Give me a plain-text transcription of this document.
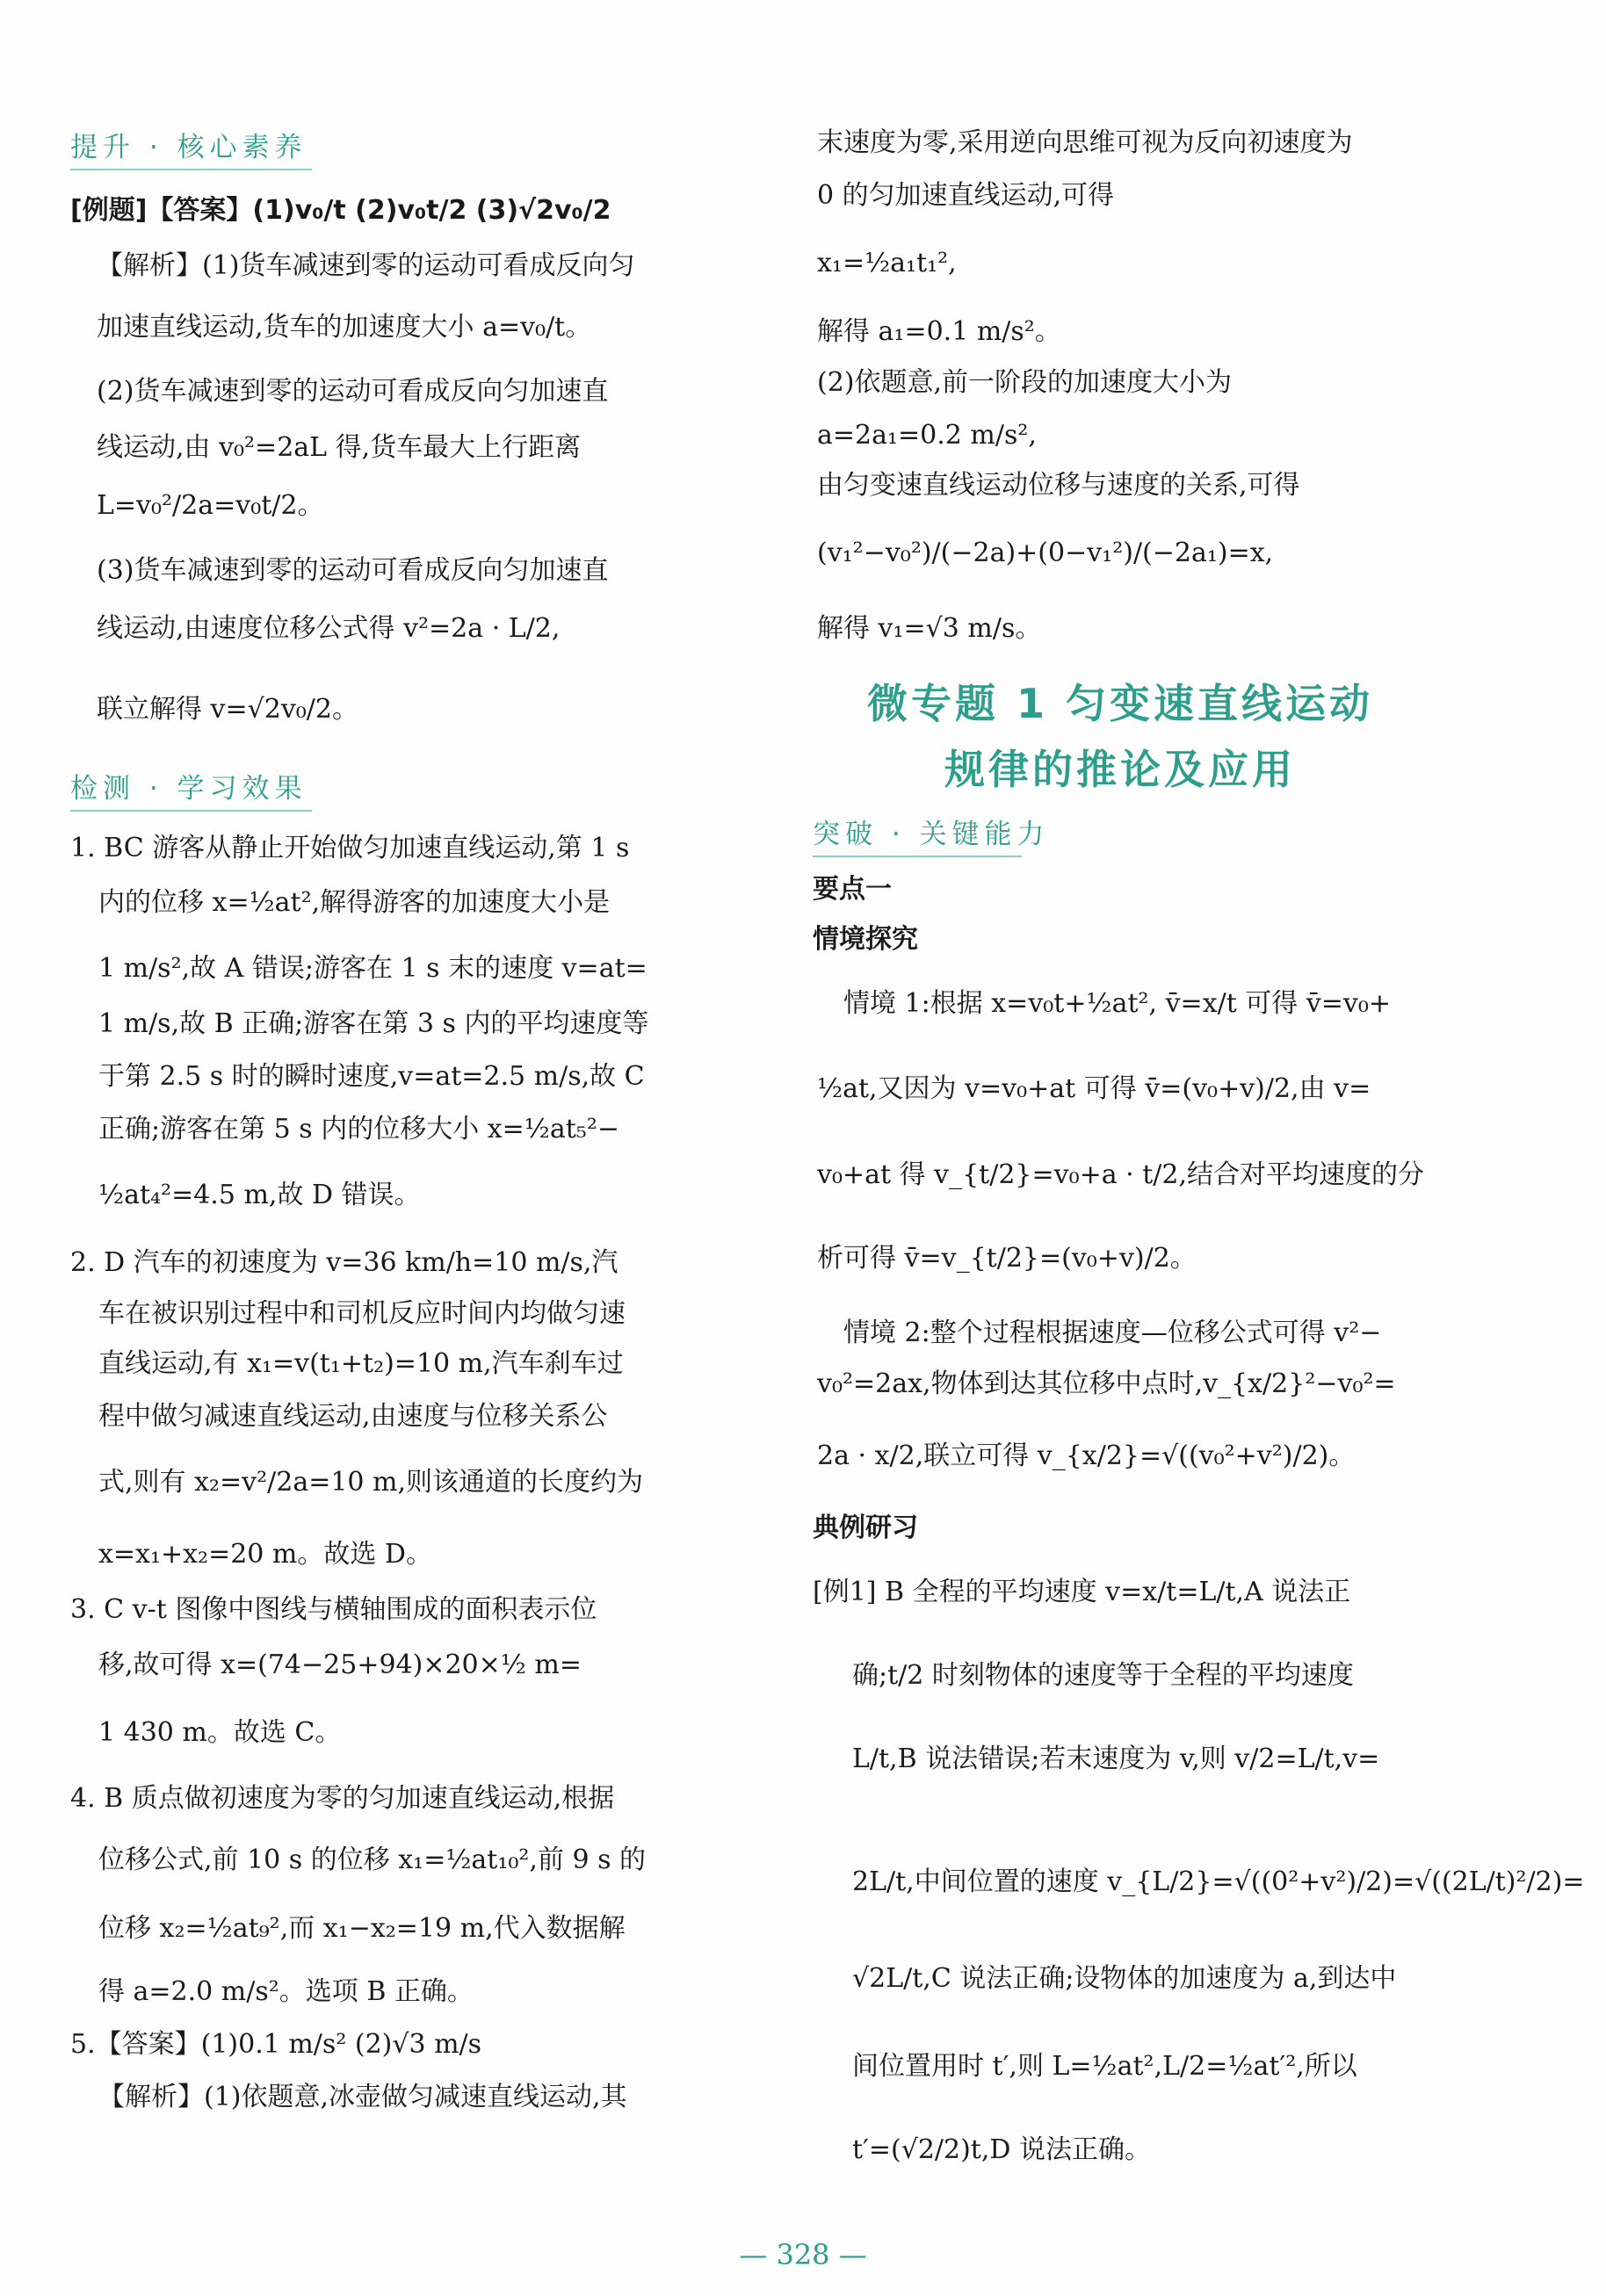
提升 · 核心素养
[例题]【答案】(1)v₀/t (2)v₀t/2 (3)√2v₀/2
【解析】(1)货车减速到零的运动可看成反向匀
加速直线运动,货车的加速度大小 a=v₀/t。
(2)货车减速到零的运动可看成反向匀加速直
线运动,由 v₀²=2aL 得,货车最大上行距离
L=v₀²/2a=v₀t/2。
(3)货车减速到零的运动可看成反向匀加速直
线运动,由速度位移公式得 v²=2a · L/2,
联立解得 v=√2v₀/2。
检测 · 学习效果
1. BC 游客从静止开始做匀加速直线运动,第 1 s
内的位移 x=½at²,解得游客的加速度大小是
1 m/s²,故 A 错误;游客在 1 s 末的速度 v=at=
1 m/s,故 B 正确;游客在第 3 s 内的平均速度等
于第 2.5 s 时的瞬时速度,v=at=2.5 m/s,故 C
正确;游客在第 5 s 内的位移大小 x=½at₅²−
½at₄²=4.5 m,故 D 错误。
2. D 汽车的初速度为 v=36 km/h=10 m/s,汽
车在被识别过程中和司机反应时间内均做匀速
直线运动,有 x₁=v(t₁+t₂)=10 m,汽车刹车过
程中做匀减速直线运动,由速度与位移关系公
式,则有 x₂=v²/2a=10 m,则该通道的长度约为
x=x₁+x₂=20 m。故选 D。
3. C v-t 图像中图线与横轴围成的面积表示位
移,故可得 x=(74−25+94)×20×½ m=
1 430 m。故选 C。
4. B 质点做初速度为零的匀加速直线运动,根据
位移公式,前 10 s 的位移 x₁=½at₁₀²,前 9 s 的
位移 x₂=½at₉²,而 x₁−x₂=19 m,代入数据解
得 a=2.0 m/s²。选项 B 正确。
5.【答案】(1)0.1 m/s² (2)√3 m/s
【解析】(1)依题意,冰壶做匀减速直线运动,其
末速度为零,采用逆向思维可视为反向初速度为
0 的匀加速直线运动,可得
x₁=½a₁t₁²,
解得 a₁=0.1 m/s²。
(2)依题意,前一阶段的加速度大小为
a=2a₁=0.2 m/s²,
由匀变速直线运动位移与速度的关系,可得
(v₁²−v₀²)/(−2a)+(0−v₁²)/(−2a₁)=x,
解得 v₁=√3 m/s。
微专题 1 匀变速直线运动
规律的推论及应用
突破 · 关键能力
要点一
情境探究
情境 1:根据 x=v₀t+½at², v̄=x/t 可得 v̄=v₀+
½at,又因为 v=v₀+at 可得 v̄=(v₀+v)/2,由 v=
v₀+at 得 v_{t/2}=v₀+a · t/2,结合对平均速度的分
析可得 v̄=v_{t/2}=(v₀+v)/2。
情境 2:整个过程根据速度—位移公式可得 v²−
v₀²=2ax,物体到达其位移中点时,v_{x/2}²−v₀²=
2a · x/2,联立可得 v_{x/2}=√((v₀²+v²)/2)。
典例研习
[例1] B 全程的平均速度 v=x/t=L/t,A 说法正
确;t/2 时刻物体的速度等于全程的平均速度
L/t,B 说法错误;若末速度为 v,则 v/2=L/t,v=
2L/t,中间位置的速度 v_{L/2}=√((0²+v²)/2)=√((2L/t)²/2)=
√2L/t,C 说法正确;设物体的加速度为 a,到达中
间位置用时 t′,则 L=½at²,L/2=½at′²,所以
t′=(√2/2)t,D 说法正确。
— 328 —
